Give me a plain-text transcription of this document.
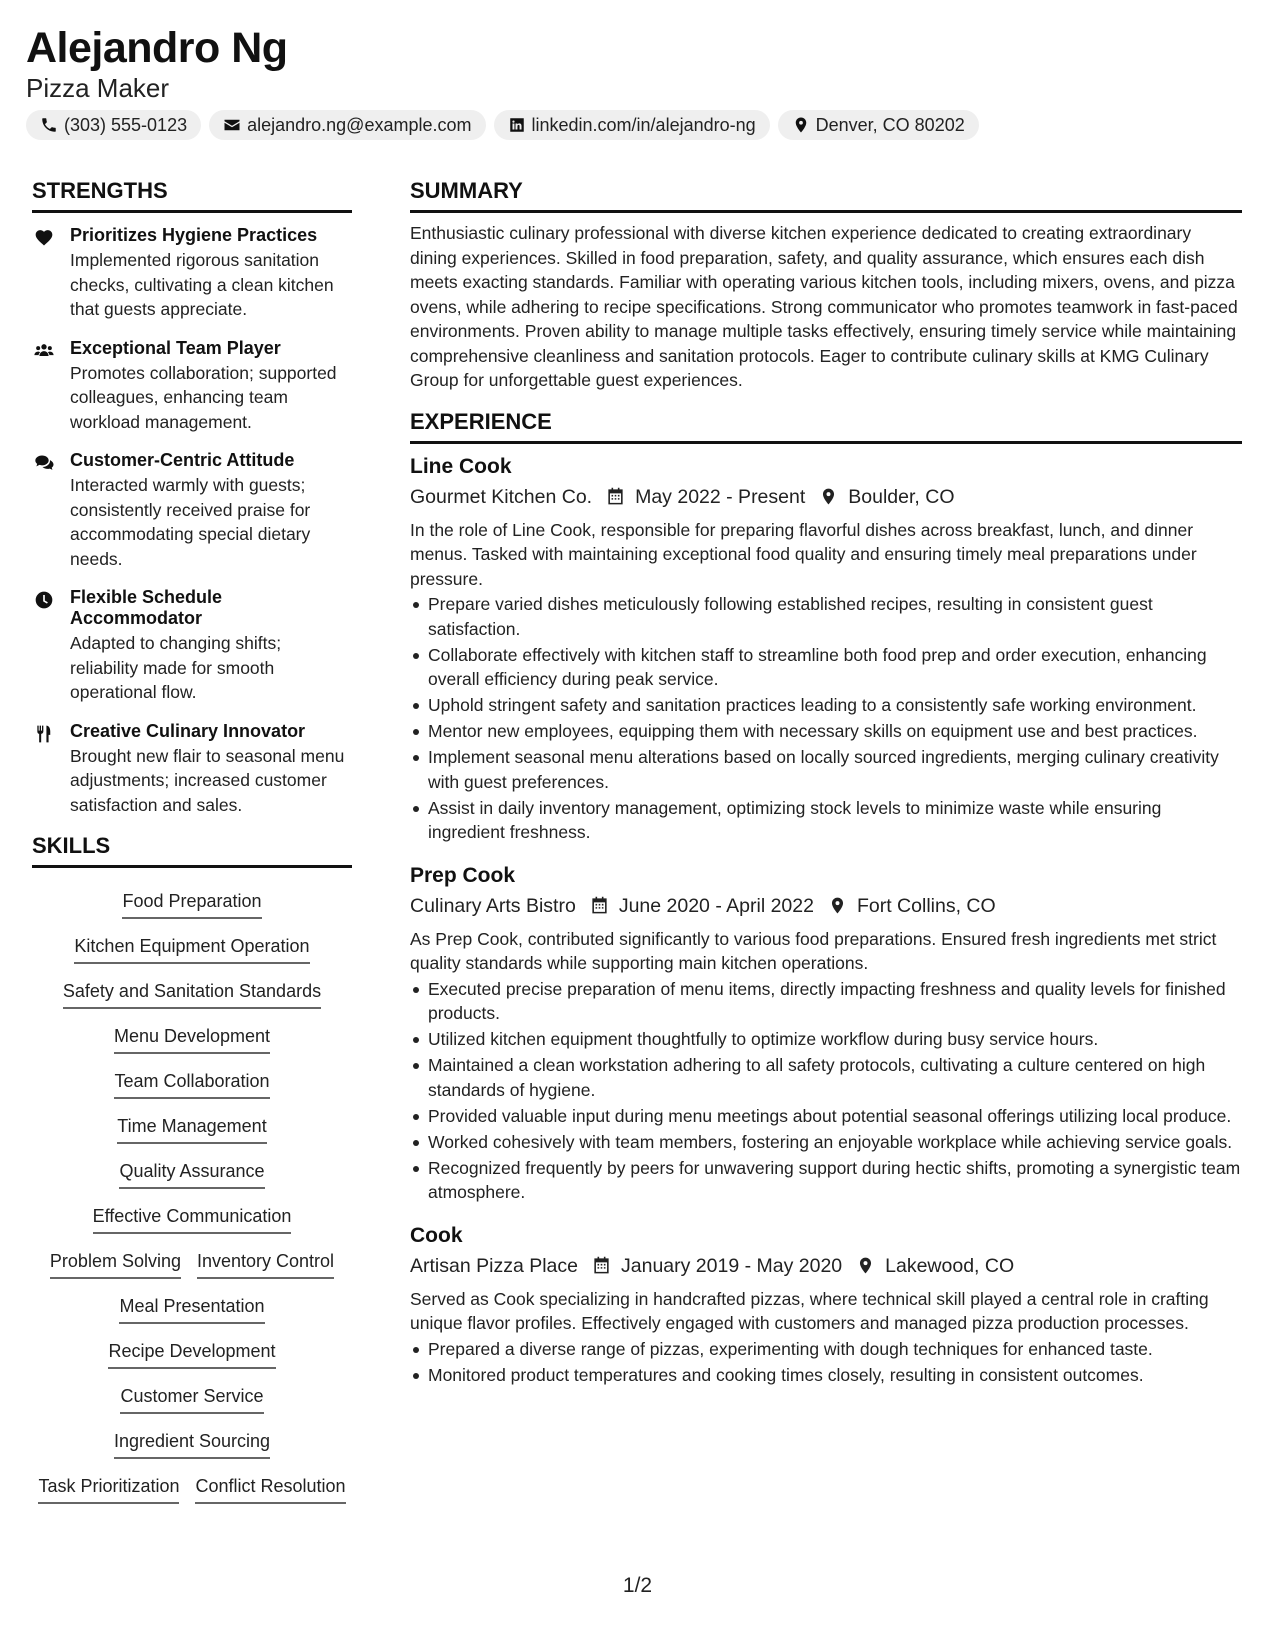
Alejandro Ng
Pizza Maker
(303) 555-0123	alejandro.ng@example.com	linkedin.com/in/alejandro-ng	Denver, CO 80202
STRENGTHS
Prioritizes Hygiene Practices
Implemented rigorous sanitation checks, cultivating a clean kitchen that guests appreciate.
Exceptional Team Player
Promotes collaboration; supported colleagues, enhancing team workload management.
Customer-Centric Attitude
Interacted warmly with guests; consistently received praise for accommodating special dietary needs.
Flexible Schedule Accommodator
Adapted to changing shifts; reliability made for smooth operational flow.
Creative Culinary Innovator
Brought new flair to seasonal menu adjustments; increased customer satisfaction and sales.
SKILLS
Food Preparation
Kitchen Equipment Operation
Safety and Sanitation Standards
Menu Development
Team Collaboration
Time Management
Quality Assurance
Effective Communication
Problem Solving Inventory Control
Meal Presentation
Recipe Development
Customer Service
Ingredient Sourcing
Task Prioritization Conflict Resolution
SUMMARY
Enthusiastic culinary professional with diverse kitchen experience dedicated to creating extraordinary dining experiences. Skilled in food preparation, safety, and quality assurance, which ensures each dish meets exacting standards. Familiar with operating various kitchen tools, including mixers, ovens, and pizza ovens, while adhering to recipe specifications. Strong communicator who promotes teamwork in fast-paced environments. Proven ability to manage multiple tasks effectively, ensuring timely service while maintaining comprehensive cleanliness and sanitation protocols. Eager to contribute culinary skills at KMG Culinary Group for unforgettable guest experiences.
EXPERIENCE
Line Cook
Gourmet Kitchen Co. May 2022 - Present Boulder, CO
In the role of Line Cook, responsible for preparing flavorful dishes across breakfast, lunch, and dinner menus. Tasked with maintaining exceptional food quality and ensuring timely meal preparations under pressure.
Prepare varied dishes meticulously following established recipes, resulting in consistent guest satisfaction.
Collaborate effectively with kitchen staff to streamline both food prep and order execution, enhancing overall efficiency during peak service.
Uphold stringent safety and sanitation practices leading to a consistently safe working environment.
Mentor new employees, equipping them with necessary skills on equipment use and best practices.
Implement seasonal menu alterations based on locally sourced ingredients, merging culinary creativity with guest preferences.
Assist in daily inventory management, optimizing stock levels to minimize waste while ensuring ingredient freshness.
Prep Cook
Culinary Arts Bistro June 2020 - April 2022 Fort Collins, CO
As Prep Cook, contributed significantly to various food preparations. Ensured fresh ingredients met strict quality standards while supporting main kitchen operations.
Executed precise preparation of menu items, directly impacting freshness and quality levels for finished products.
Utilized kitchen equipment thoughtfully to optimize workflow during busy service hours.
Maintained a clean workstation adhering to all safety protocols, cultivating a culture centered on high standards of hygiene.
Provided valuable input during menu meetings about potential seasonal offerings utilizing local produce.
Worked cohesively with team members, fostering an enjoyable workplace while achieving service goals.
Recognized frequently by peers for unwavering support during hectic shifts, promoting a synergistic team atmosphere.
Cook
Artisan Pizza Place January 2019 - May 2020 Lakewood, CO
Served as Cook specializing in handcrafted pizzas, where technical skill played a central role in crafting unique flavor profiles. Effectively engaged with customers and managed pizza production processes.
Prepared a diverse range of pizzas, experimenting with dough techniques for enhanced taste.
Monitored product temperatures and cooking times closely, resulting in consistent outcomes.
1/2
